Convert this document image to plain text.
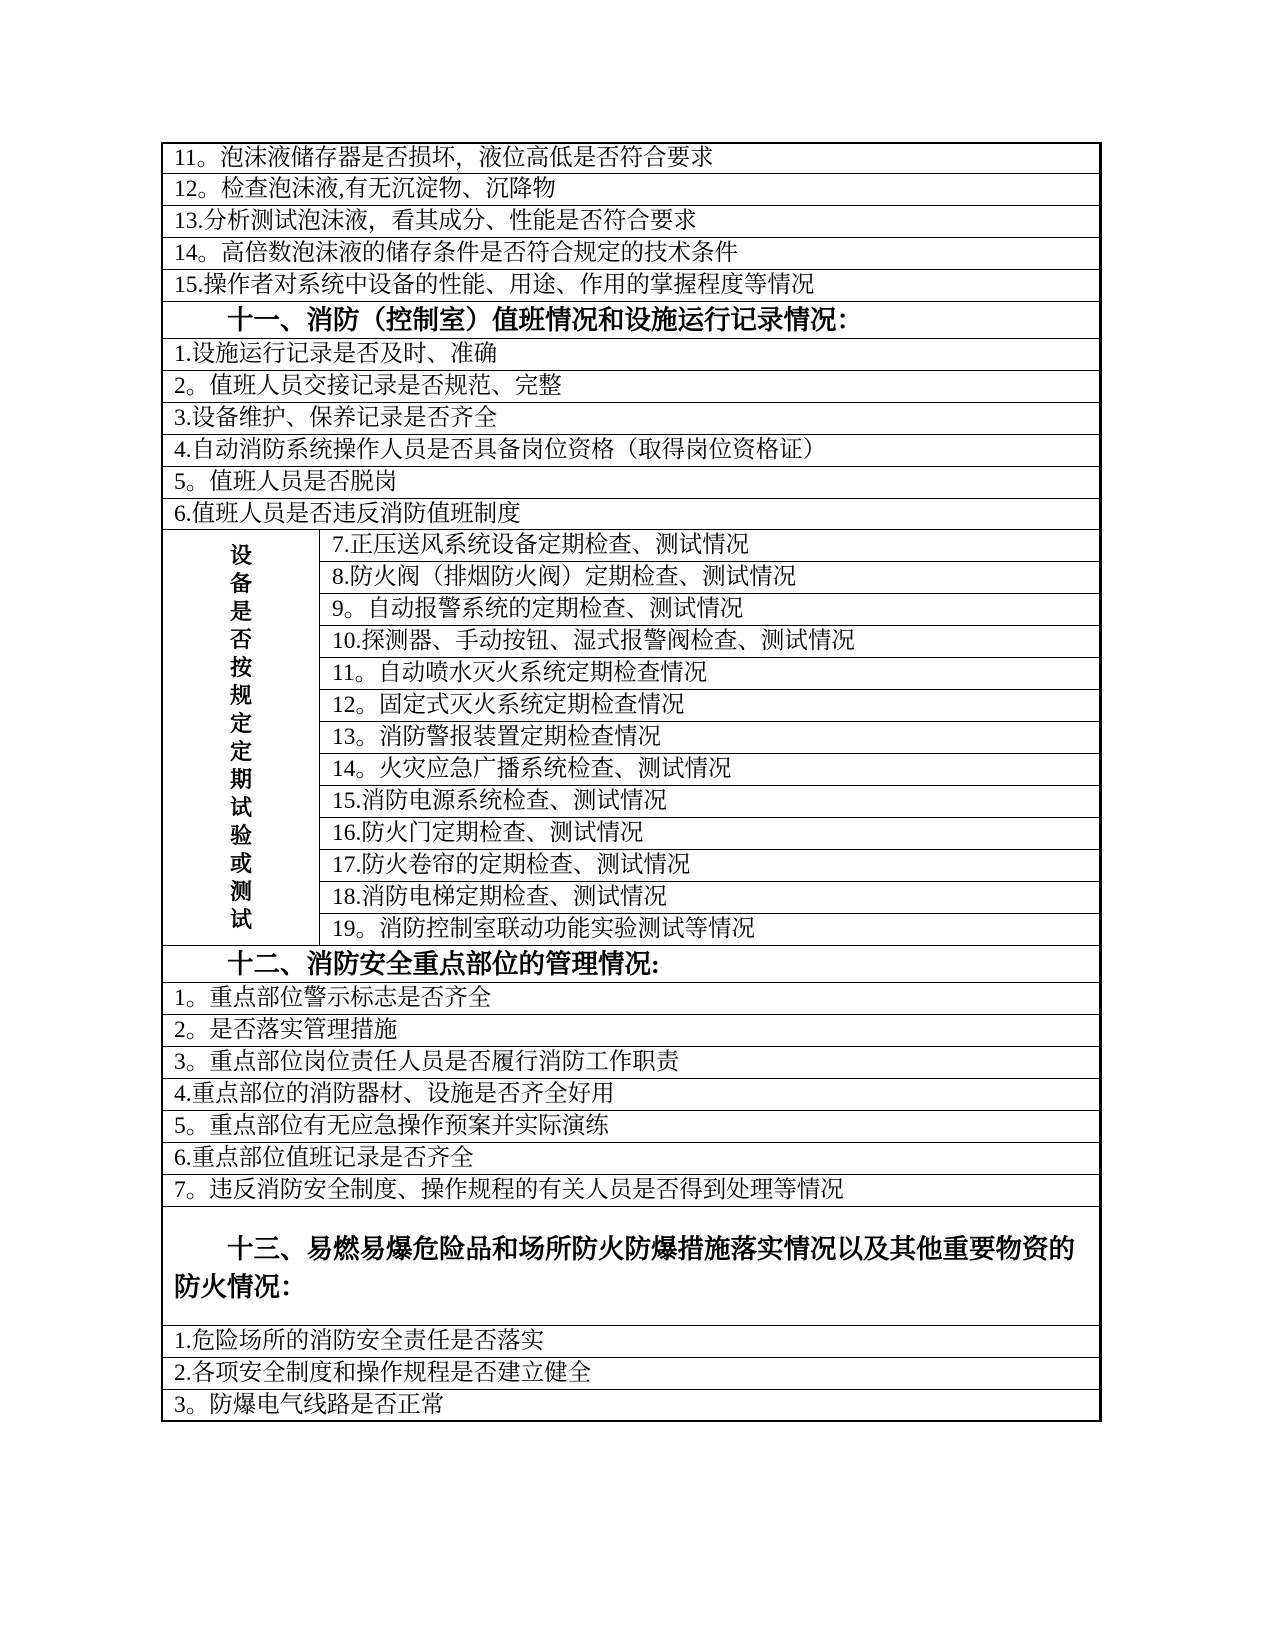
11。泡沫液储存器是否损坏，液位高低是否符合要求
12。检查泡沫液,有无沉淀物、沉降物
13.分析测试泡沫液，看其成分、性能是否符合要求
14。高倍数泡沫液的储存条件是否符合规定的技术条件
15.操作者对系统中设备的性能、用途、作用的掌握程度等情况
十一、消防（控制室）值班情况和设施运行记录情况：
1.设施运行记录是否及时、准确
2。值班人员交接记录是否规范、完整
3.设备维护、保养记录是否齐全
4.自动消防系统操作人员是否具备岗位资格（取得岗位资格证）
5。值班人员是否脱岗
6.值班人员是否违反消防值班制度
设备是否按规定定期试验或测试
7.正压送风系统设备定期检查、测试情况
8.防火阀（排烟防火阀）定期检查、测试情况
9。自动报警系统的定期检查、测试情况
10.探测器、手动按钮、湿式报警阀检查、测试情况
11。自动喷水灭火系统定期检查情况
12。固定式灭火系统定期检查情况
13。消防警报装置定期检查情况
14。火灾应急广播系统检查、测试情况
15.消防电源系统检查、测试情况
16.防火门定期检查、测试情况
17.防火卷帘的定期检查、测试情况
18.消防电梯定期检查、测试情况
19。消防控制室联动功能实验测试等情况
十二、消防安全重点部位的管理情况:
1。重点部位警示标志是否齐全
2。是否落实管理措施
3。重点部位岗位责任人员是否履行消防工作职责
4.重点部位的消防器材、设施是否齐全好用
5。重点部位有无应急操作预案并实际演练
6.重点部位值班记录是否齐全
7。违反消防安全制度、操作规程的有关人员是否得到处理等情况
十三、易燃易爆危险品和场所防火防爆措施落实情况以及其他重要物资的防火情况：
1.危险场所的消防安全责任是否落实
2.各项安全制度和操作规程是否建立健全
3。防爆电气线路是否正常
